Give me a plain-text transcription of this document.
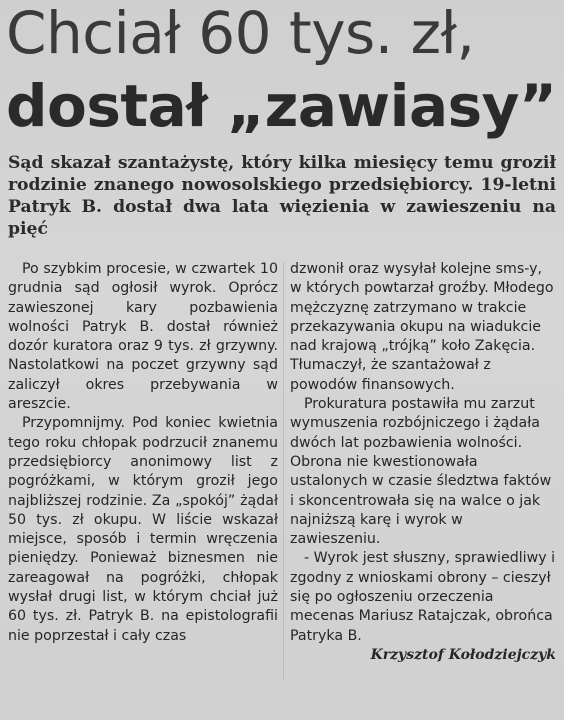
Chciał 60 tys. zł,
dostał „zawiasy”
Sąd skazał szantażystę, który kilka miesięcy temu groził rodzinie znanego nowosolskiego przedsiębiorcy. 19-letni Patryk B. dostał dwa lata więzienia w zawieszeniu na pięć

Po szybkim procesie, w czwartek 10 grudnia sąd ogłosił wyrok. Oprócz zawieszonej kary pozbawienia wolności Patryk B. dostał również dozór kuratora oraz 9 tys. zł grzywny. Nastolatkowi na poczet grzywny sąd zaliczył okres przebywania w areszcie.

Przypomnijmy. Pod koniec kwietnia tego roku chłopak podrzucił znanemu przedsiębiorcy anonimowy list z pogróżkami, w którym groził jego najbliższej rodzinie. Za „spokój” żądał 50 tys. zł okupu. W liście wskazał miejsce, sposób i termin wręczenia pieniędzy. Ponieważ biznesmen nie zareagował na pogróżki, chłopak wysłał drugi list, w którym chciał już 60 tys. zł. Patryk B. na epistolografii nie poprzestał i cały czas

dzwonił oraz wysyłał kolejne sms-y, w których powtarzał groźby. Młodego mężczyznę zatrzymano w trakcie przekazywania okupu na wiadukcie nad krajową „trójką” koło Zakęcia. Tłumaczył, że szantażował z powodów finansowych.

Prokuratura postawiła mu zarzut wymuszenia rozbójniczego i żądała dwóch lat pozbawienia wolności. Obrona nie kwestionowała ustalonych w czasie śledztwa faktów i skoncentrowała się na walce o jak najniższą karę i wyrok w zawieszeniu.

- Wyrok jest słuszny, sprawiedliwy i zgodny z wnioskami obrony – cieszył się po ogłoszeniu orzeczenia mecenas Mariusz Ratajczak, obrońca Patryka B.

Krzysztof Kołodziejczyk
